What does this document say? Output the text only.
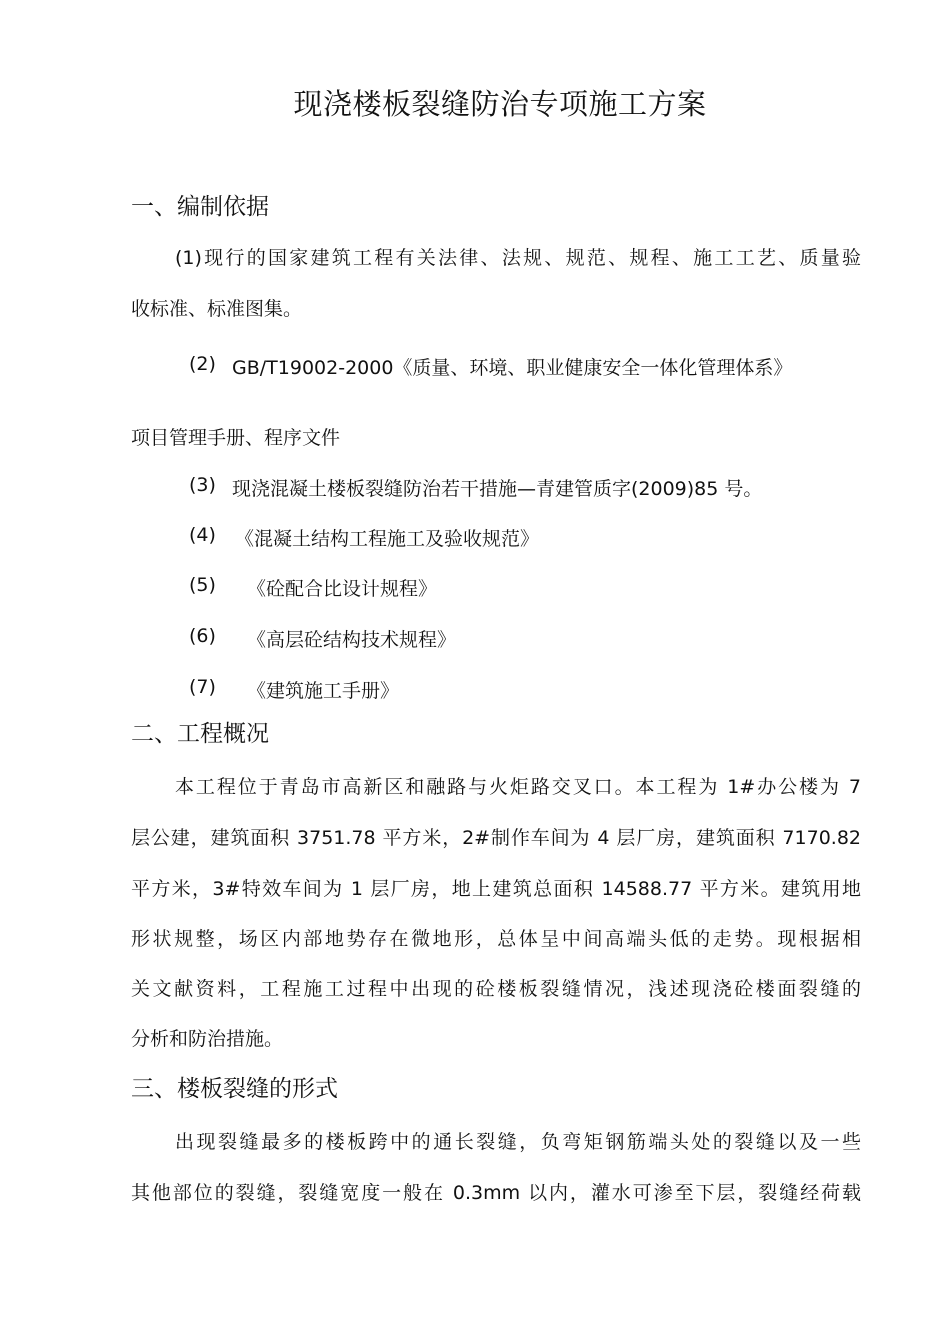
现浇楼板裂缝防治专项施工方案
一、编制依据
(1)现行的国家建筑工程有关法律、法规、规范、规程、施工工艺、质量验
收标准、标准图集。
(2) GB/T19002-2000《质量、环境、职业健康安全一体化管理体系》
项目管理手册、程序文件
(3) 现浇混凝土楼板裂缝防治若干措施—青建管质字(2009)85 号。
(4) 《混凝土结构工程施工及验收规范》
(5) 《砼配合比设计规程》
(6) 《高层砼结构技术规程》
(7) 《建筑施工手册》
二、工程概况
本工程位于青岛市高新区和融路与火炬路交叉口。本工程为 1#办公楼为 7
层公建，建筑面积 3751.78 平方米，2#制作车间为 4 层厂房，建筑面积 7170.82
平方米，3#特效车间为 1 层厂房，地上建筑总面积 14588.77 平方米。建筑用地
形状规整，场区内部地势存在微地形，总体呈中间高端头低的走势。现根据相
关文献资料，工程施工过程中出现的砼楼板裂缝情况，浅述现浇砼楼面裂缝的
分析和防治措施。
三、楼板裂缝的形式
出现裂缝最多的楼板跨中的通长裂缝，负弯矩钢筋端头处的裂缝以及一些
其他部位的裂缝，裂缝宽度一般在 0.3mm 以内，灌水可渗至下层，裂缝经荷载
